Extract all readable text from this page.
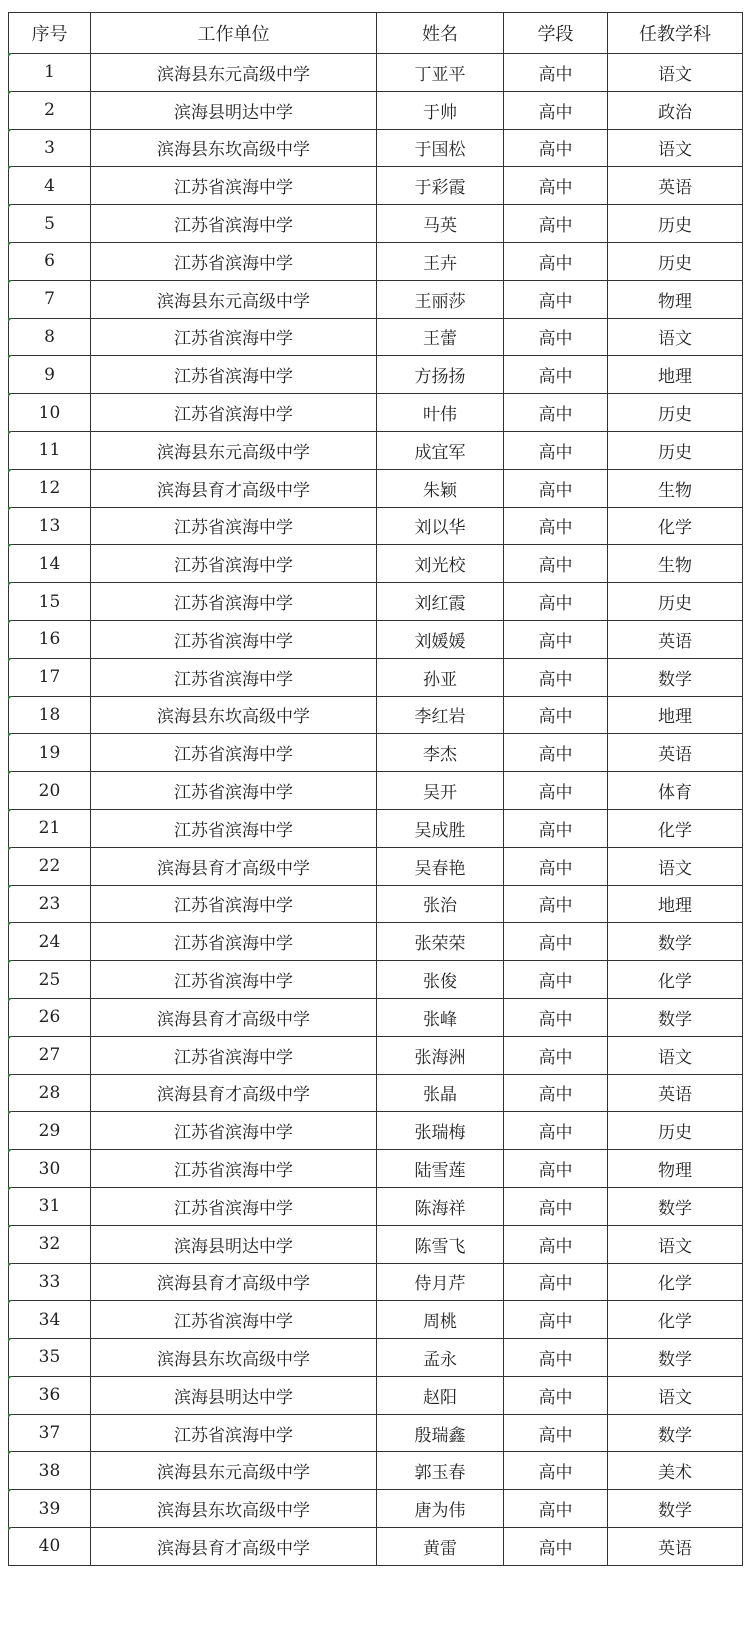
序号	工作单位	姓名	学段	任教学科
1	滨海县东元高级中学	丁亚平	高中	语文
2	滨海县明达中学	于帅	高中	政治
3	滨海县东坎高级中学	于国松	高中	语文
4	江苏省滨海中学	于彩霞	高中	英语
5	江苏省滨海中学	马英	高中	历史
6	江苏省滨海中学	王卉	高中	历史
7	滨海县东元高级中学	王丽莎	高中	物理
8	江苏省滨海中学	王蕾	高中	语文
9	江苏省滨海中学	方扬扬	高中	地理
10	江苏省滨海中学	叶伟	高中	历史
11	滨海县东元高级中学	成宜军	高中	历史
12	滨海县育才高级中学	朱颖	高中	生物
13	江苏省滨海中学	刘以华	高中	化学
14	江苏省滨海中学	刘光校	高中	生物
15	江苏省滨海中学	刘红霞	高中	历史
16	江苏省滨海中学	刘媛媛	高中	英语
17	江苏省滨海中学	孙亚	高中	数学
18	滨海县东坎高级中学	李红岩	高中	地理
19	江苏省滨海中学	李杰	高中	英语
20	江苏省滨海中学	吴开	高中	体育
21	江苏省滨海中学	吴成胜	高中	化学
22	滨海县育才高级中学	吴春艳	高中	语文
23	江苏省滨海中学	张治	高中	地理
24	江苏省滨海中学	张荣荣	高中	数学
25	江苏省滨海中学	张俊	高中	化学
26	滨海县育才高级中学	张峰	高中	数学
27	江苏省滨海中学	张海洲	高中	语文
28	滨海县育才高级中学	张晶	高中	英语
29	江苏省滨海中学	张瑞梅	高中	历史
30	江苏省滨海中学	陆雪莲	高中	物理
31	江苏省滨海中学	陈海祥	高中	数学
32	滨海县明达中学	陈雪飞	高中	语文
33	滨海县育才高级中学	侍月芹	高中	化学
34	江苏省滨海中学	周桃	高中	化学
35	滨海县东坎高级中学	孟永	高中	数学
36	滨海县明达中学	赵阳	高中	语文
37	江苏省滨海中学	殷瑞鑫	高中	数学
38	滨海县东元高级中学	郭玉春	高中	美术
39	滨海县东坎高级中学	唐为伟	高中	数学
40	滨海县育才高级中学	黄雷	高中	英语
